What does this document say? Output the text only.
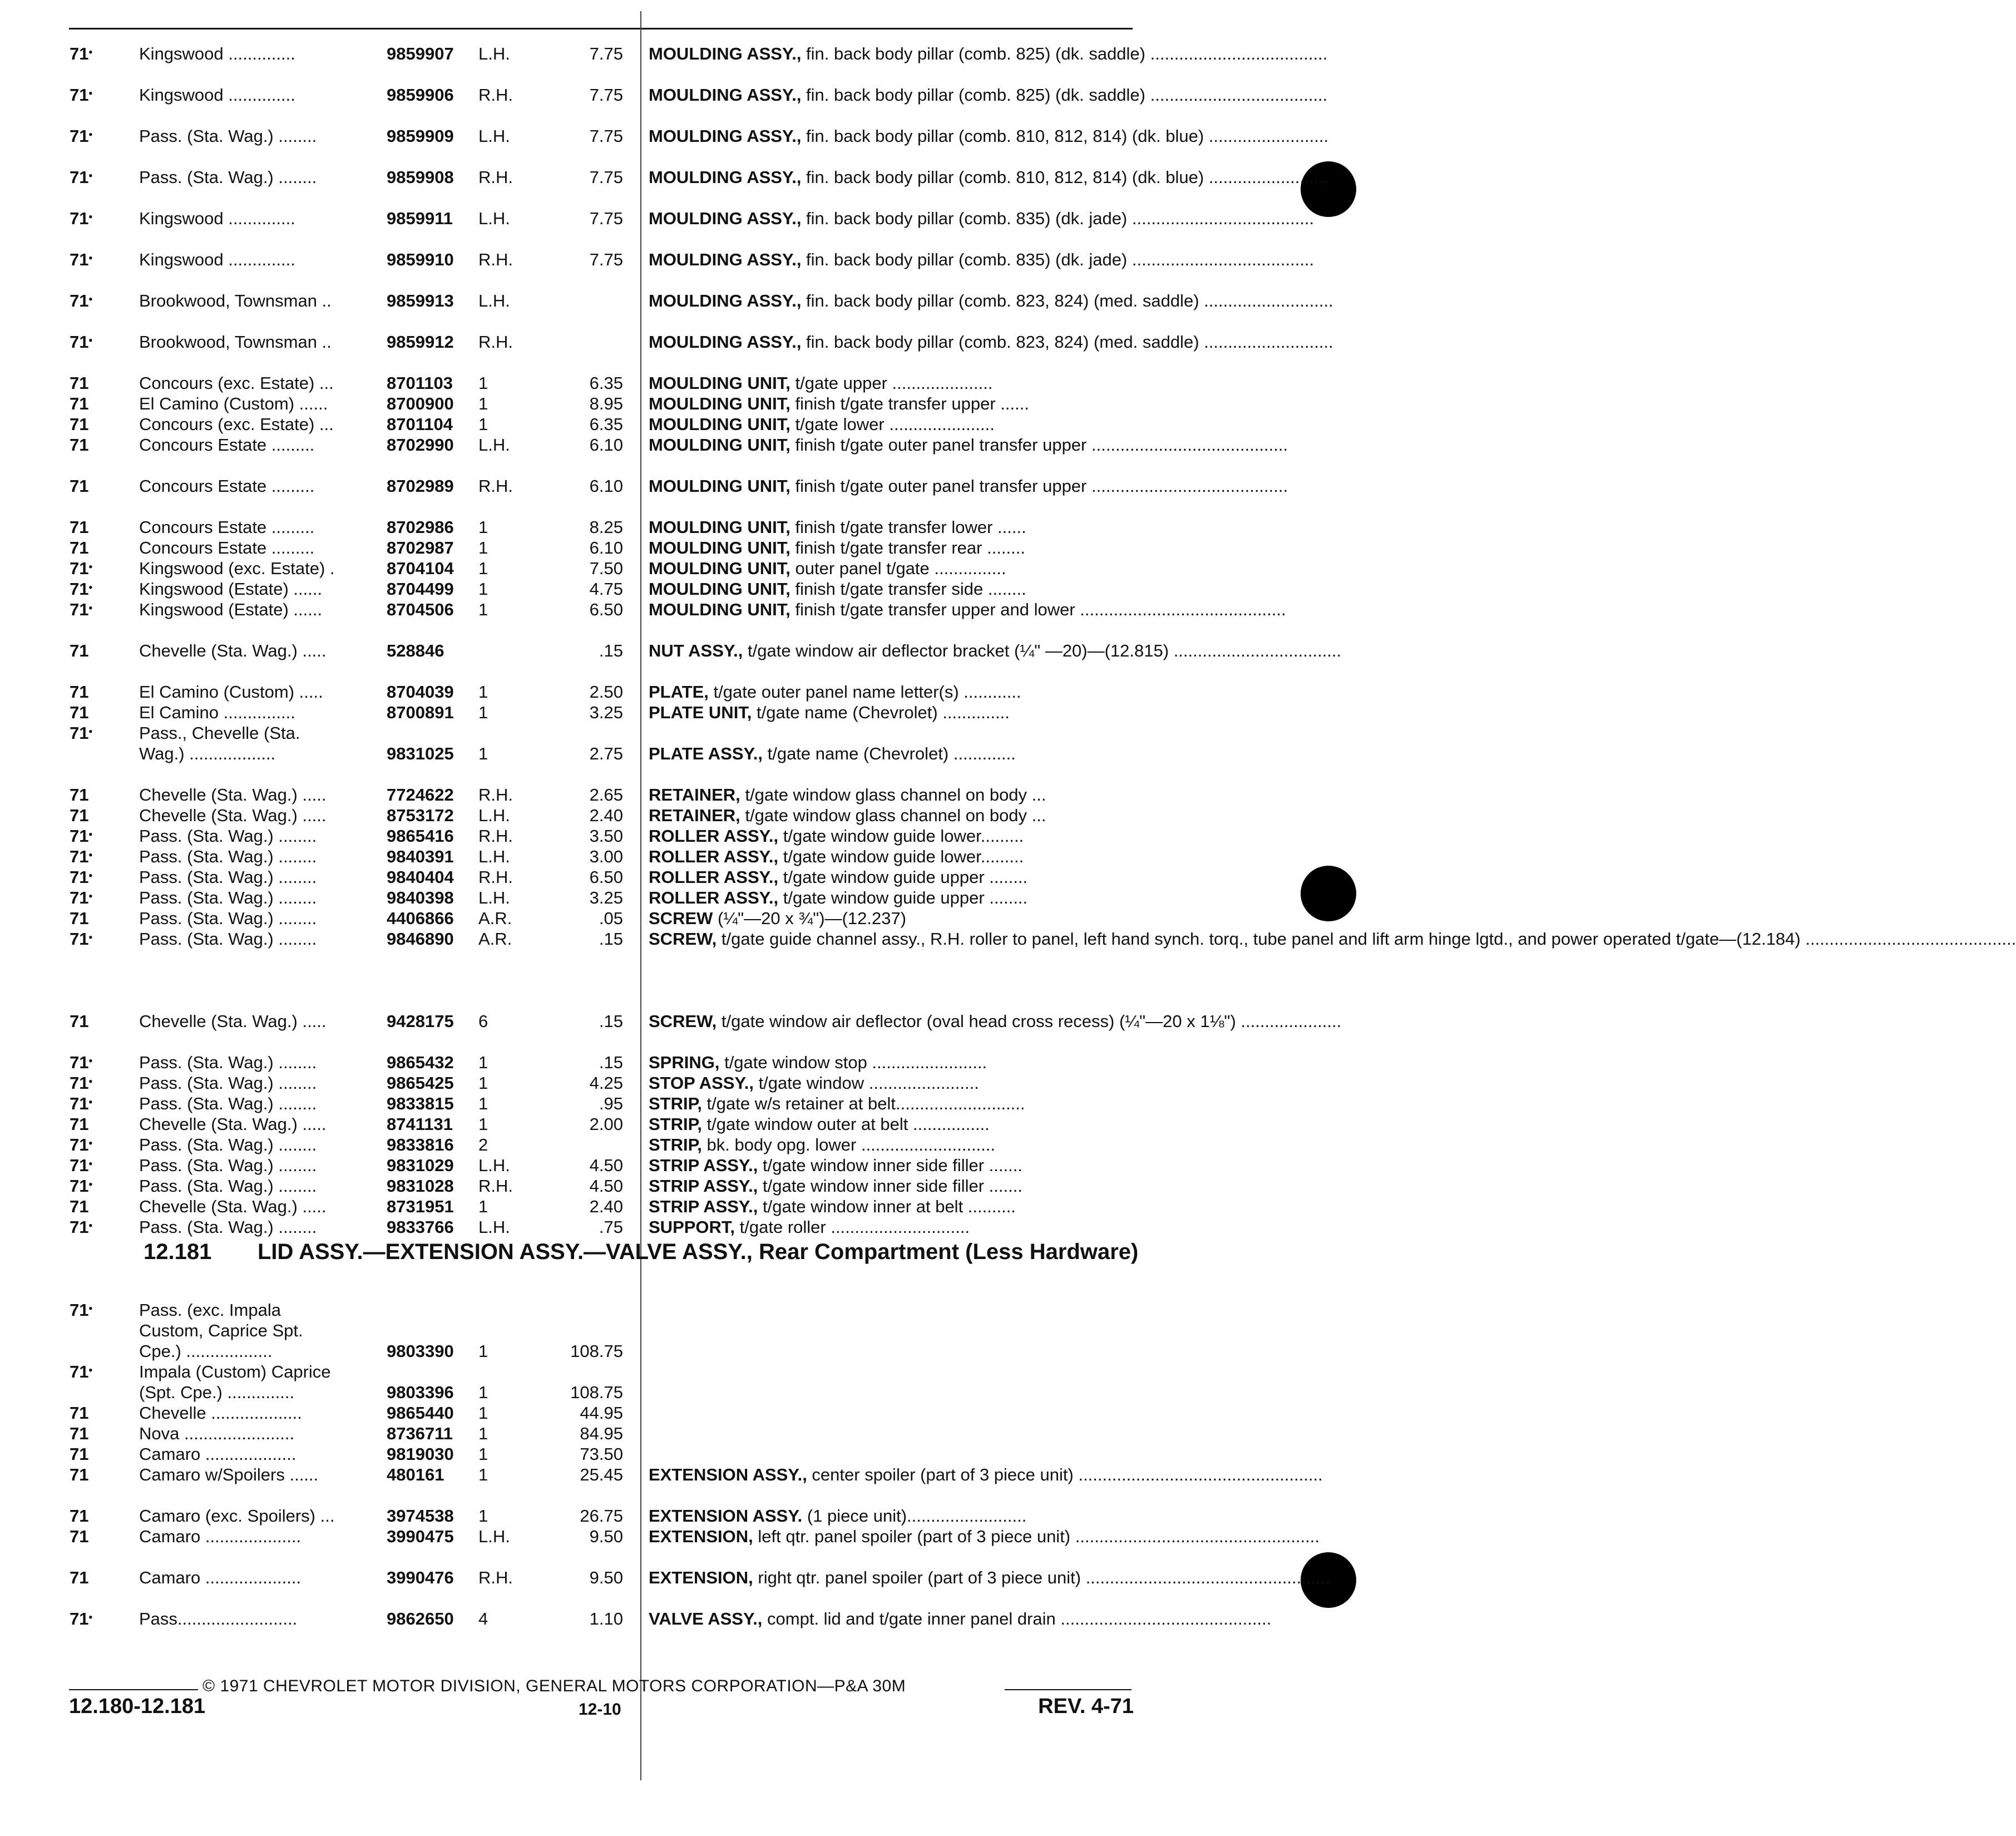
71•	Kingswood ..............	9859907 L.H.	7.75 MOULDING ASSY., fin. back body pillar (comb. 825) (dk. saddle) .....................................
71•	Kingswood ..............	9859906 R.H.	7.75 MOULDING ASSY., fin. back body pillar (comb. 825) (dk. saddle) .....................................
71•	Pass. (Sta. Wag.) ........	9859909 L.H.	7.75 MOULDING ASSY., fin. back body pillar (comb. 810, 812, 814) (dk. blue) .........................
71•	Pass. (Sta. Wag.) ........	9859908 R.H.	7.75 MOULDING ASSY., fin. back body pillar (comb. 810, 812, 814) (dk. blue) .........................
71•	Kingswood ..............	9859911 L.H.	7.75 MOULDING ASSY., fin. back body pillar (comb. 835) (dk. jade) ......................................
71•	Kingswood ..............	9859910 R.H.	7.75 MOULDING ASSY., fin. back body pillar (comb. 835) (dk. jade) ......................................
71•	Brookwood, Townsman ..	9859913 L.H.	MOULDING ASSY., fin. back body pillar (comb. 823, 824) (med. saddle) ...........................
71•	Brookwood, Townsman ..	9859912 R.H.	MOULDING ASSY., fin. back body pillar (comb. 823, 824) (med. saddle) ...........................
71	Concours (exc. Estate) ...	8701103 1	6.35 MOULDING UNIT, t/gate upper .....................
71	El Camino (Custom) ......	8700900 1	8.95 MOULDING UNIT, finish t/gate transfer upper ......
71	Concours (exc. Estate) ...	8701104 1	6.35 MOULDING UNIT, t/gate lower ......................
71	Concours Estate .........	8702990 L.H.	6.10 MOULDING UNIT, finish t/gate outer panel transfer upper .........................................
71	Concours Estate .........	8702989 R.H.	6.10 MOULDING UNIT, finish t/gate outer panel transfer upper .........................................
71	Concours Estate .........	8702986 1	8.25 MOULDING UNIT, finish t/gate transfer lower ......
71	Concours Estate .........	8702987 1	6.10 MOULDING UNIT, finish t/gate transfer rear ........
71•	Kingswood (exc. Estate) .	8704104 1	7.50 MOULDING UNIT, outer panel t/gate ...............
71•	Kingswood (Estate) ......	8704499 1	4.75 MOULDING UNIT, finish t/gate transfer side ........
71•	Kingswood (Estate) ......	8704506 1	6.50 MOULDING UNIT, finish t/gate transfer upper and lower ...........................................
71	Chevelle (Sta. Wag.) .....	528846	.15 NUT ASSY., t/gate window air deflector bracket (¼" —20)—(12.815) ...................................
71	El Camino (Custom) .....	8704039 1	2.50 PLATE, t/gate outer panel name letter(s) ............
71	El Camino ...............	8700891 1	3.25 PLATE UNIT, t/gate name (Chevrolet) ..............
71•	Pass., Chevelle (Sta.
Wag.) ..................	9831025 1	2.75 PLATE ASSY., t/gate name (Chevrolet) .............
71	Chevelle (Sta. Wag.) .....	7724622 R.H.	2.65 RETAINER, t/gate window glass channel on body ...
71	Chevelle (Sta. Wag.) .....	8753172 L.H.	2.40 RETAINER, t/gate window glass channel on body ...
71•	Pass. (Sta. Wag.) ........	9865416 R.H.	3.50 ROLLER ASSY., t/gate window guide lower.........
71•	Pass. (Sta. Wag.) ........	9840391 L.H.	3.00 ROLLER ASSY., t/gate window guide lower.........
71•	Pass. (Sta. Wag.) ........	9840404 R.H.	6.50 ROLLER ASSY., t/gate window guide upper ........
71•	Pass. (Sta. Wag.) ........	9840398 L.H.	3.25 ROLLER ASSY., t/gate window guide upper ........
71	Pass. (Sta. Wag.) ........	4406866 A.R.	.05 SCREW (¼"—20 x ¾")—(12.237)
71•	Pass. (Sta. Wag.) ........	9846890 A.R.	.15 SCREW, t/gate guide channel assy., R.H. roller to panel, left hand synch. torq., tube panel and lift arm hinge lgtd., and power operated t/gate—(12.184) ............................................
71	Chevelle (Sta. Wag.) .....	9428175 6	.15 SCREW, t/gate window air deflector (oval head cross recess) (¼"—20 x 1⅛") .....................
71•	Pass. (Sta. Wag.) ........	9865432 1	.15 SPRING, t/gate window stop ........................
71•	Pass. (Sta. Wag.) ........	9865425 1	4.25 STOP ASSY., t/gate window .......................
71•	Pass. (Sta. Wag.) ........	9833815 1	.95 STRIP, t/gate w/s retainer at belt...........................
71	Chevelle (Sta. Wag.) .....	8741131 1	2.00 STRIP, t/gate window outer at belt ................
71•	Pass. (Sta. Wag.) ........	9833816 2	STRIP, bk. body opg. lower ............................
71•	Pass. (Sta. Wag.) ........	9831029 L.H.	4.50 STRIP ASSY., t/gate window inner side filler .......
71•	Pass. (Sta. Wag.) ........	9831028 R.H.	4.50 STRIP ASSY., t/gate window inner side filler .......
71	Chevelle (Sta. Wag.) .....	8731951 1	2.40 STRIP ASSY., t/gate window inner at belt ..........
71•	Pass. (Sta. Wag.) ........	9833766 L.H.	.75 SUPPORT, t/gate roller .............................
12.181 LID ASSY.—EXTENSION ASSY.—VALVE ASSY., Rear Compartment (Less Hardware)
71•	Pass. (exc. Impala
Custom, Caprice Spt.
Cpe.) ..................	9803390 1	108.75
71•	Impala (Custom) Caprice
(Spt. Cpe.) ..............	9803396 1	108.75
71	Chevelle ...................	9865440 1	44.95
71	Nova .......................	8736711 1	84.95
71	Camaro ...................	9819030 1	73.50
71	Camaro w/Spoilers ......	480161 1	25.45 EXTENSION ASSY., center spoiler (part of 3 piece unit) ...................................................
71	Camaro (exc. Spoilers) ...	3974538 1	26.75 EXTENSION ASSY. (1 piece unit).........................
71	Camaro ....................	3990475 L.H.	9.50 EXTENSION, left qtr. panel spoiler (part of 3 piece unit) ...................................................
71	Camaro ....................	3990476 R.H.	9.50 EXTENSION, right qtr. panel spoiler (part of 3 piece unit) ...................................................
71•	Pass.........................	9862650 4	1.10 VALVE ASSY., compt. lid and t/gate inner panel drain ............................................
© 1971 CHEVROLET MOTOR DIVISION, GENERAL MOTORS CORPORATION—P&A 30M
12.180-12.181	12-10	REV. 4-71
